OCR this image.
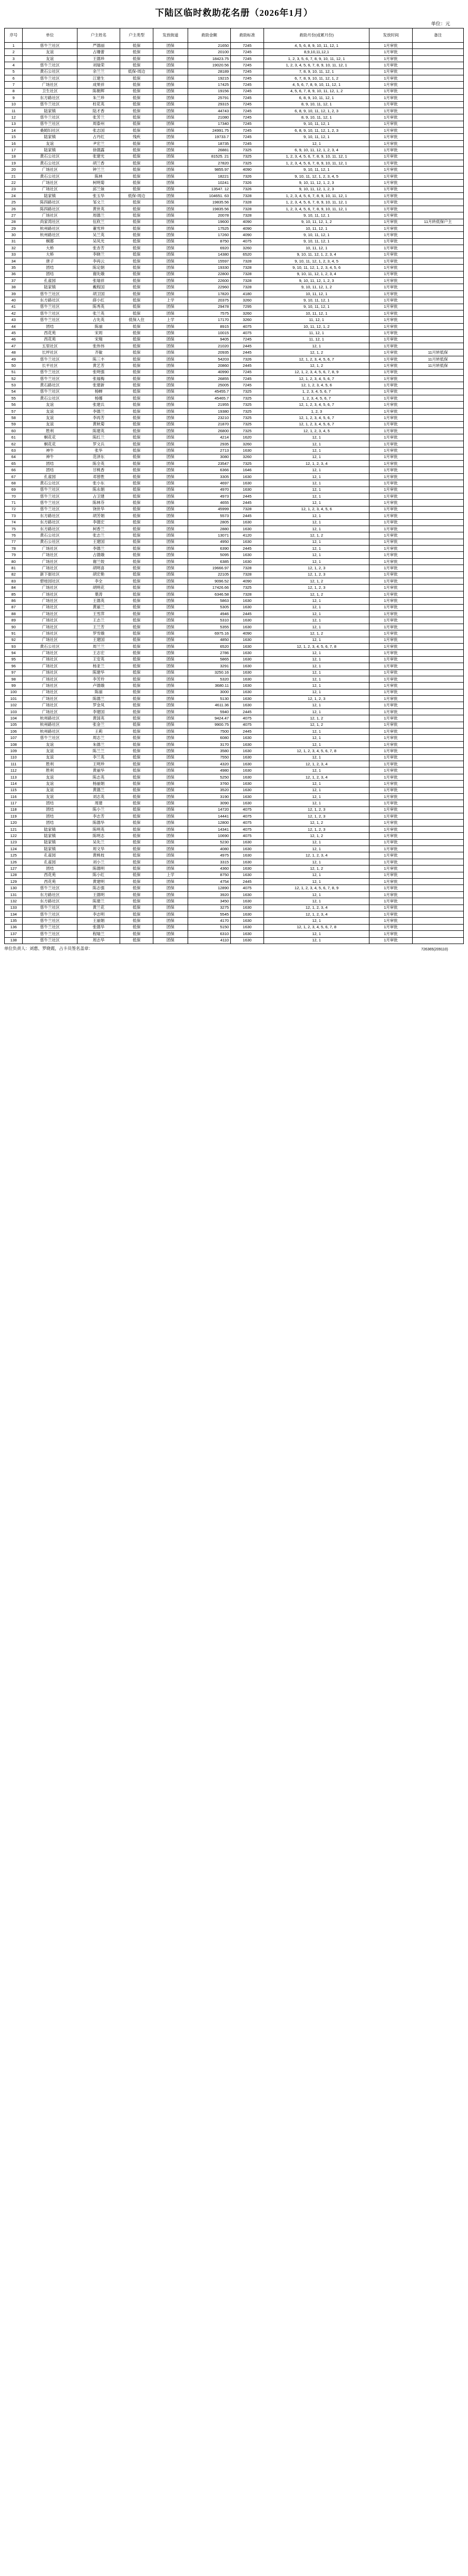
下陆区临时救助花名册（2026年1月）
单位：元
序号	单位	户主姓名	户主类型	发放街道	救助金额	救助标准	救助月份(或累月份)	发放时间	备注
1	慈牛兰社区	严德丽	低保	团保	21650	7245	4, 5, 6, 8, 9, 10, 11, 12, 1	1月审批	
2	友谊	占珊蕾	低保	团保	20100	7245	8,9,10,11,12,1	1月审批	
3	友谊	王德珍	低保	团保	18423.75	7245	1, 2, 3, 5, 6, 7, 8, 9, 10, 11, 12, 1	1月审批	
4	慈牛兰社区	刘瑞荣	低保	团保	19020.56	7245	1, 2, 3, 4, 5, 6, 7, 8, 9, 10, 11, 12, 1	1月审批	
5	黄石公社区	余兰兰	低保-周边	团保	28189	7245	7, 8, 9, 10, 11, 12, 1	1月审批	
6	慈牛兰社区	江建生	低保	团保	19215	7245	6, 7, 8, 9, 10, 11, 12, 1, 2	1月审批	
7	广场社区	成果祥	低保	团保	17425	7245	4, 5, 6, 7, 8, 9, 10, 11, 12, 1	1月审批	
8	卫生社区	陈朝辉	低保	团保	19156	7245	4, 5, 6, 7, 8, 9, 10, 11, 12, 1, 2	1月审批	
9	东方路社区	朱兰珍	低保	团保	25791	7245	6, 8, 9, 10, 11, 12, 1	1月审批	
10	慈牛兰社区	柱花英	低保	团保	29315	7245	8, 9, 10, 11, 12, 1	1月审批	
11	陆家镇	陆才香	低保	团保	44743	7245	6, 8, 9, 10, 11, 12, 1, 2, 3	1月审批	
12	慈牛兰社区	张芳兰	低保	团保	21080	7245	8, 9, 10, 11, 12, 1	1月审批	
13	慈牛兰社区	周泰州	低保	团保	17340	7245	9, 10, 11, 12, 1	1月审批	
14	桑姆妇社区	张志国	低保	团保	24991.75	7245	6, 8, 9, 10, 11, 12, 1, 2, 3	1月审批	
15	陆家镇	占丹红	残疾	团保	19733.7	7245	9, 10, 11, 12, 1	1月审批	
16	友谊	尹宏兰	低保	团保	18735	7245	12, 1	1月审批	
17	陆家镇	徐德露	低保	团保	26881	7325	6, 9, 10, 11, 12, 1, 2, 3, 4	1月审批	
18	黄石公社区	张建光	低保	团保	81525. 21	7325	1, 2, 3, 4, 5, 6, 7, 8, 9, 10, 11, 12, 1	1月审批	
19	黄石公社区	胡兰香	低保	团保	27820	7325	1, 2, 3, 4, 5, 6, 7, 8, 9, 10, 11, 12, 1	1月审批	
20	广场社区	钟兰兰	低保	团保	9855.97	4090	9, 10, 11, 12, 1	1月审批	
21	黄石公社区	陈林	低保	团保	18221	7326	9, 10, 11, 12, 1, 2, 3, 4, 5	1月审批	
22	广场社区	柯明菊	低保	团保	10241	7326	9, 10, 11, 12, 1, 2, 3	1月审批	
23	广场社区	邱兰妹	低保	团保	13547. 12	7326	9, 10, 11, 12, 1, 2, 3	1月审批	
24	陆家镇	张玉华	低保-周边	团保	104651. 63	7328	1, 2, 3, 4, 5, 6, 7, 8, 9, 10, 11, 12, 1	1月审批	
25	陈四路社区	邹文兰	低保	团保	19835.56	7328	1, 2, 3, 4, 5, 6, 7, 8, 9, 10, 11, 12, 1	1月审批	
26	陈四路社区	黄世英	低保	团保	19835.56	7328	1, 2, 3, 4, 5, 6, 7, 8, 9, 10, 11, 12, 1	1月审批	
27	广场社区	周德兰	低保	团保	20078	7328	9, 10, 11, 12, 1	1月审批	
28	尚家湾社区	伍欣兰	低保	团保	19600	4090	9, 10, 11, 12, 1, 2	1月审批	11月转低保户主
29	杭州路社区	董雪珍	低保	团保	17525	4090	10, 11, 12, 1	1月审批	
30	杭州路社区	吴兰英	低保	团保	17260	4090	9, 10, 11, 12, 1	1月审批	
31	桐都	吴凤光	低保	团保	8750	4075	9, 10, 11, 12, 1	1月审批	
32	大桥	张杏芳	低保	团保	6920	3260	10, 11, 12, 1	1月审批	
33	大桥	李晓兰	低保	团保	14380	6520	9, 10, 11, 12, 1, 2, 3, 4	1月审批	
34	唐子	李再云	低保	团保	15597	7328	9, 10, 11, 12, 1, 2, 3, 4, 5	1月审批	
35	团结	陈定朝	低保	团保	19330	7328	9, 10, 11, 12, 1, 2, 3, 4, 5, 6	1月审批	
36	团结	谢先娥	低保	团保	22800	7328	9, 10, 11, 12, 1, 2, 3, 4	1月审批	
37	孔雀园	张瑞祥	低保	团保	22600	7328	9, 10, 11, 12, 1, 2, 3	1月审批	
38	陆家镇	戴程国	低保	团保	22960	7328	9, 10, 11, 12, 1, 2	1月审批	
39	慈牛兰社区	胡卫国	低保	团保	17820	4180	10, 11, 12, 1	1月审批	
40	东方路社区	薛小红	低保	上学	20375	3260	9, 10, 11, 12, 1	1月审批	
41	慈牛兰社区	陈秀英	低保	团保	29478	7295	9, 10, 11, 12, 1	1月审批	
42	慈牛兰社区	张兰英	低保	团保	7575	3260	10, 11, 12, 1	1月审批	
43	慈牛兰社区	占先英	低保入住	上学	17170	3260	11, 12, 1	1月审批	
44	团结	陈丽	低保	团保	8915	4075	10, 11, 12, 1, 2	1月审批	
45	西花苑	宋周	低保	团保	10015	4075	11, 12, 1	1月审批	
46	西花苑	宋翔	低保	团保	9405	7245	11, 12, 1	1月审批	
47	五里社区	张伟伟	低保	团保	21020	2445	12, 1	1月审批	
48	长坪社区	齐敏	低保	团保	20935	2445	12, 1, 2	1月审批	11月转低保
49	慈牛兰社区	陈三丰	低保	团保	54203	7326	12, 1, 2, 3, 4, 5, 6, 7	1月审批	11月转低保
50	长平社区	黄艺芳	低保	团保	20860	2445	12, 1, 2	1月审批	11月转低保
51	慈牛兰社区	张明强	低保	团保	40990	7245	12, 1, 2, 3, 4, 5, 6, 7, 8, 9	1月审批	
52	慈牛兰社区	张福梅	低保	团保	26855	7245	12, 1, 2, 3, 4, 5, 6, 7	1月审批	
53	黄石路社区	张建新	低保	团保	25005	7245	12, 1, 2, 3, 4, 5, 6	1月审批	
54	慈牛兰社区	杨蝉	低保	团保	45455.7	7325	1, 2, 3, 4, 5, 6, 7	1月审批	
55	黄石公社区	杨娜	低保	团保	45465.7	7325	1, 2, 3, 4, 5, 6, 7	1月审批	
56	友谊	张建兵	低保	团保	21955	7325	12, 1, 2, 3, 4, 5, 6, 7	1月审批	
57	友谊	李德兰	低保	团保	19380	7325	1, 2, 3	1月审批	
58	友谊	李再芳	低保	团保	23210	7325	12, 1, 2, 3, 4, 5, 6, 7	1月审批	
59	友谊	黄秋菊	低保	团保	21870	7325	12, 1, 2, 3, 4, 5, 6, 7	1月审批	
60	胜利	陈建英	低保	团保	26800	7325	12, 1, 2, 3, 4, 5	1月审批	
61	桐花花	陈红兰	低保	团保	4214	1620	12, 1	1月审批	
62	桐花花	罗文兵	低保	团保	2935	3260	12, 1	1月审批	
63	神牛	张华	低保	团保	2713	1630	12, 1	1月审批	
64	神牛	范泽东	低保	团保	3080	3260	12, 1	1月审批	
65	团结	陈全英	低保	团保	23547	7325	12, 1, 2, 3, 4	1月审批	
66	团结	甘桃香	低保	团保	6366	1646	12, 1	1月审批	
67	孔雀园	邓曾胜	低保	团保	3305	1630	12, 1	1月审批	
68	黄石公社区	张小东	低保	团保	4697	1630	12, 1	1月审批	
69	慈牛兰社区	陈永娟	低保	团保	4970	1630	12, 1	1月审批	
70	慈牛兰社区	占卫建	低保	团保	4973	2445	12, 1	1月审批	
71	慈牛兰社区	陈林芬	低保	团保	4655	2445	12, 1	1月审批	
72	慈牛兰社区	饶世华	低保	团保	45999	7328	12, 1, 2, 3, 4, 5, 6	1月审批	
73	东方路社区	胡芳娟	低保	团保	5573	2445	12, 1	1月审批	
74	东方路社区	李德宏	低保	团保	2805	1630	12, 1	1月审批	
75	东方路社区	柯香兰	低保	团保	2880	1630	12, 1	1月审批	
76	黄石公社区	张志兰	低保	团保	13071	4120	12, 1, 2	1月审批	
77	黄石公社区	王建国	低保	团保	4950	1630	12, 1	1月审批	
78	广场社区	李德兰	低保	团保	6390	2445	12, 1	1月审批	
79	广场社区	占德娥	低保	团保	5095	1630	12, 1	1月审批	
80	广场社区	谢兰姣	低保	团保	6385	1630	12, 1	1月审批	
81	广场社区	胡明喜	低保	团保	19666.97	7328	12, 1, 2, 3	1月审批	
82	新下街社区	胡宏艳	低保	团保	22105	7328	12, 1, 2, 3	1月审批	
83	碧桂园社区	李全	低保	团保	9096.52	4090	12, 1, 2	1月审批	
84	广场社区	胡明花	低保	团保	17426.66	7325	12, 1, 2, 3	1月审批	
85	广场社区	葉涛	低保	团保	6346.58	7328	12, 1, 2	1月审批	
86	广场社区	王德英	低保	团保	5863	1630	12, 1	1月审批	
87	广场社区	黄丽兰	低保	团保	5305	1630	12, 1	1月审批	
88	广场社区	王雪萍	低保	团保	4946	2445	12, 1	1月审批	
89	广场社区	王志兰	低保	团保	5310	1630	12, 1	1月审批	
90	广场社区	王兰芳	低保	团保	5355	1630	12, 1	1月审批	
91	广场社区	罗雪娥	低保	团保	6975.16	4090	12, 1, 2	1月审批	
92	广场社区	王建国	低保	团保	4850	1630	12, 1	1月审批	
93	黄石公社区	周兰兰	低保	团保	6520	1630	12, 1, 2, 3, 4, 5, 6, 7, 8	1月审批	
94	广场社区	王志宏	低保	团保	2786	1630	12, 1	1月审批	
95	广场社区	王安英	低保	团保	5865	1630	12, 1	1月审批	
96	广场社区	杨亚兰	低保	团保	3291	1630	12, 1	1月审批	
97	广场社区	陈建华	低保	团保	3250.16	1630	12, 1	1月审批	
98	广场社区	李芳玲	低保	团保	5320	1630	12, 1	1月审批	
99	广场社区	卢德娥	低保	团保	3680.11	1630	12, 1	1月审批	
100	广场社区	陈丽	低保	团保	3000	1630	12, 1	1月审批	
101	广场社区	陈德兰	低保	团保	5130	1630	12, 1, 2, 3	1月审批	
102	广场社区	罗金凤	低保	团保	4611.36	1630	12, 1	1月审批	
103	广场社区	李建国	低保	团保	5940	2445	12, 1	1月审批	
104	杭州路社区	黄国英	低保	团保	9424.47	4075	12, 1, 2	1月审批	
105	杭州路社区	张金兰	低保	团保	9900.75	4075	12, 1, 2	1月审批	
106	杭州路社区	王莉	低保	团保	7500	2445	12, 1	1月审批	
107	慈牛兰社区	周志兰	低保	团保	6080	1630	12, 1	1月审批	
108	友谊	朱德兰	低保	团保	3170	1630	12, 1	1月审批	
109	友谊	陈兰兰	低保	团保	3580	1630	12, 1, 2, 3, 4, 5, 6, 7, 8	1月审批	
110	友谊	李兰英	低保	团保	7550	1630	12, 1	1月审批	
111	胜利	王明珍	低保	团保	4320	1630	12, 1, 2, 3, 4	1月审批	
112	胜利	黄丽华	低保	团保	4980	1630	12, 1	1月审批	
113	友谊	陈志英	低保	团保	5250	1630	12, 1, 2, 3, 4	1月审批	
114	友谊	杨丽娟	低保	团保	3760	1630	12, 1	1月审批	
115	友谊	黄德兰	低保	团保	3520	1630	12, 1	1月审批	
116	友谊	刘志英	低保	团保	3190	1630	12, 1	1月审批	
117	团结	周建	低保	团保	3090	1630	12, 1	1月审批	
118	团结	陈小兰	低保	团保	14720	4075	12, 1, 2, 3	1月审批	
119	团结	李志芳	低保	团保	14441	4075	12, 1, 2, 3	1月审批	
120	团结	陈德华	低保	团保	12800	4075	12, 1, 2	1月审批	
121	陆家镇	陈明英	低保	团保	14341	4075	12, 1, 2, 3	1月审批	
122	陆家镇	陈明志	低保	团保	10690	4075	12, 1, 2	1月审批	
123	陆家镇	吴先兰	低保	团保	5230	1630	12, 1	1月审批	
124	陆家镇	周文华	低保	团保	4080	1630	12, 1	1月审批	
125	孔雀园	黄桃枝	低保	团保	4975	1630	12, 1, 2, 3, 4	1月审批	
126	孔雀园	刘小兰	低保	团保	3315	1630	12, 1	1月审批	
127	团结	陈德明	低保	团保	4360	1630	12, 1, 2	1月审批	
128	西花苑	陈小红	低保	上学	8750	1630	12, 1	1月审批	
129	西花苑	黄建明	低保	团保	4754	2445	12, 1	1月审批	
130	慈牛兰社区	陈志强	低保	团保	12890	4075	12, 1, 2, 3, 4, 5, 6, 7, 8, 9	1月审批	
131	东方路社区	王德明	低保	团保	3920	1630	12, 1	1月审批	
132	东方路社区	陈建兰	低保	团保	3450	1630	12, 1	1月审批	
133	慈牛兰社区	黄兰花	低保	团保	3275	1630	12, 1, 2, 3, 4	1月审批	
134	慈牛兰社区	李志明	低保	团保	5545	1630	12, 1, 2, 3, 4	1月审批	
135	慈牛兰社区	王丽娟	低保	团保	4170	1630	12, 1	1月审批	
136	慈牛兰社区	张德华	低保	团保	5150	1630	12, 1, 2, 3, 4, 5, 6, 7, 8	1月审批	
137	慈牛兰社区	程瑞兰	低保	团保	6310	1630	12, 1	1月审批	
138	慈牛兰社区	周志华	低保	团保	4110	1630	12, 1	1月审批	
单位负责人：刘惠、罗晓霞，占卡员签名盖章：	726365(209110)
